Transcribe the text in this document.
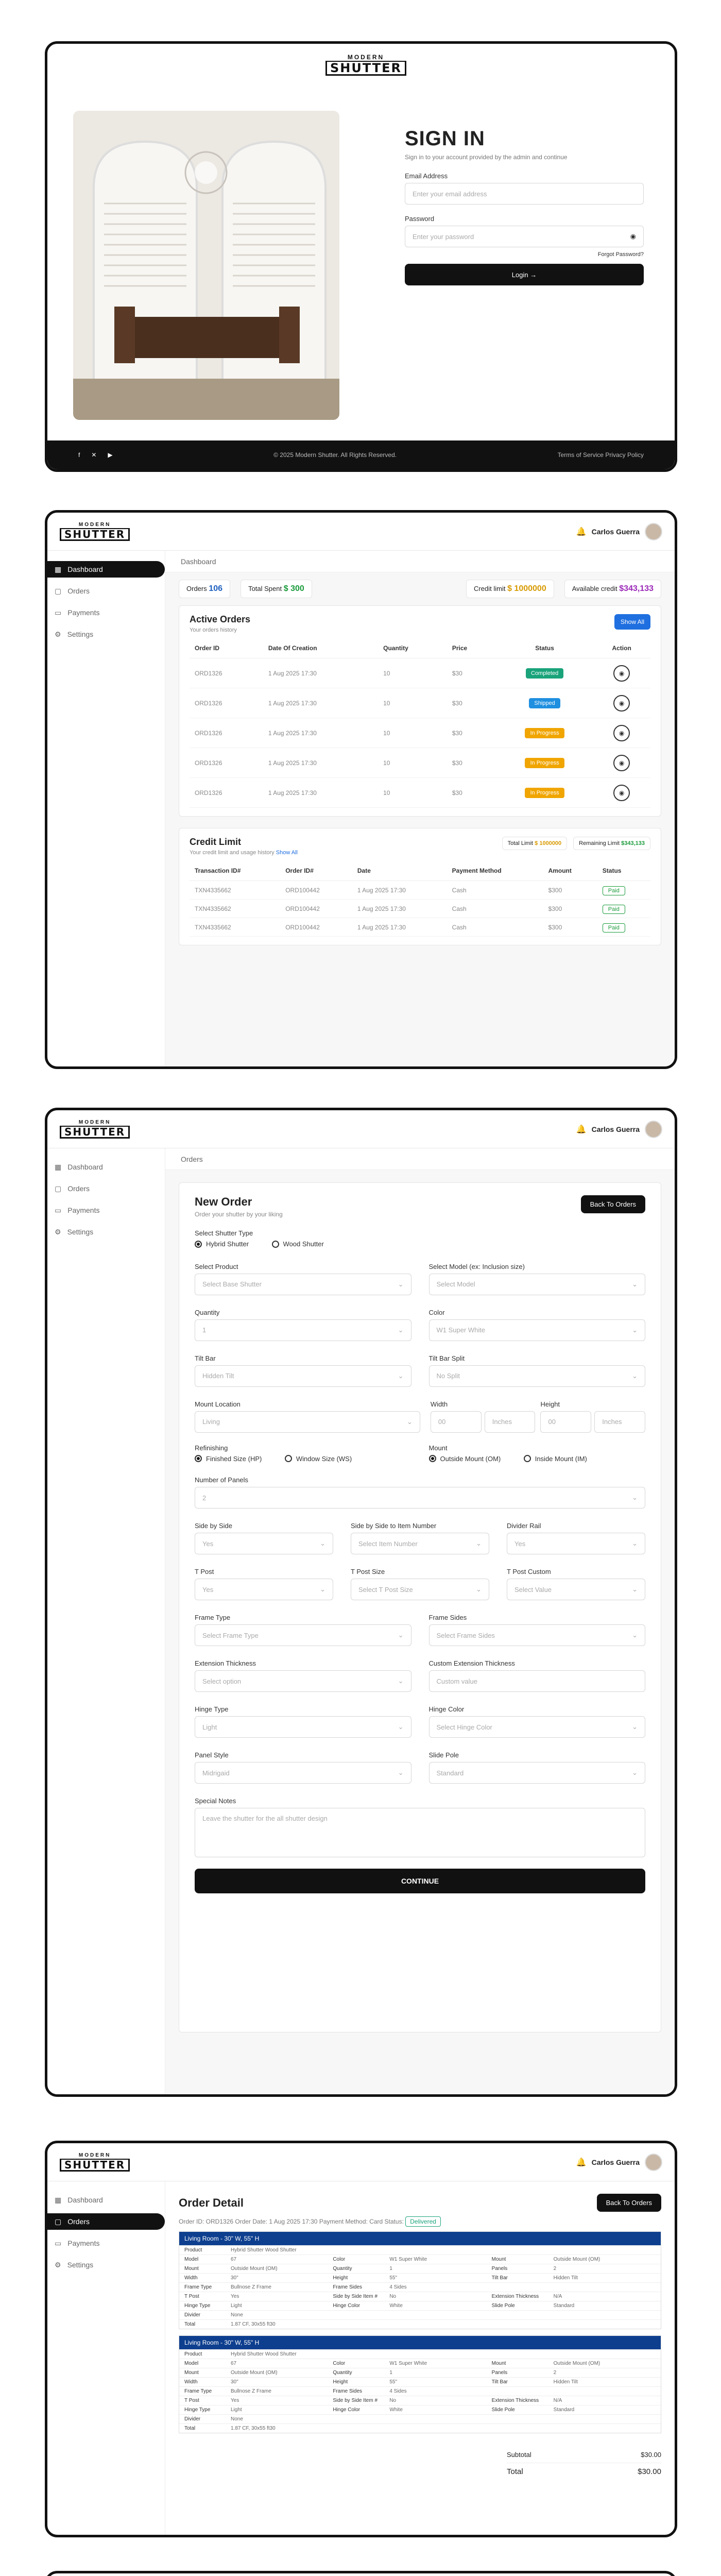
SIGN IN
Sign in to your account provided by the admin and continue
Email Address
Enter your email address
Password
Enter your password	◉
Forgot Password?
Login →
f ✕ ▶	© 2025 Modern Shutter. All Rights Reserved.	Terms of Service Privacy Policy
MODERN
SHUTTER
MODERN
SHUTTER	🔔 Carlos Guerra
▦ Dashboard
▢ Orders
▭ Payments
⚙ Settings
Dashboard
Orders 106	Total Spent $ 300	Credit limit $ 1000000	Available credit $343,133
Active Orders
Your orders history
Show All
Order ID	Date Of Creation	Quantity	Price	Status	Action
ORD1326	1 Aug 2025 17:30	10	$30	Completed	◉
ORD1326	1 Aug 2025 17:30	10	$30	Shipped	◉
ORD1326	1 Aug 2025 17:30	10	$30	In Progress	◉
ORD1326	1 Aug 2025 17:30	10	$30	In Progress	◉
ORD1326	1 Aug 2025 17:30	10	$30	In Progress	◉
Credit Limit
Your credit limit and usage history Show All
Total Limit $ 1000000	Remaining Limit $343,133
Transaction ID#	Order ID#	Date	Payment Method	Amount	Status
TXN4335662	ORD100442	1 Aug 2025 17:30	Cash	$300	Paid
TXN4335662	ORD100442	1 Aug 2025 17:30	Cash	$300	Paid
TXN4335662	ORD100442	1 Aug 2025 17:30	Cash	$300	Paid
MODERN
SHUTTER	🔔 Carlos Guerra
▦ Dashboard
▢ Orders
▭ Payments
⚙ Settings
Orders
New Order
Order your shutter by your liking
Back To Orders
Select Shutter Type
Hybrid Shutter
	Wood Shutter
Select Product
Select Base Shutter	⌄
Select Model (ex: Inclusion size)
Select Model	⌄
Quantity
1	⌄
Color
W1 Super White	⌄
Tilt Bar
Hidden Tilt	⌄
Tilt Bar Split
No Split	⌄
Mount Location
Living	⌄
Width
00	Inches
Height
00	Inches
Refinishing
Finished Size (HP)
	Window Size (WS)
Mount
Outside Mount (OM)
	Inside Mount (IM)
Number of Panels
2	⌄
Side by Side
Yes	⌄
Side by Side to Item Number
Select Item Number	⌄
Divider Rail
Yes	⌄
T Post
Yes	⌄
T Post Size
Select T Post Size	⌄
T Post Custom
Select Value	⌄
Frame Type
Select Frame Type	⌄
Frame Sides
Select Frame Sides	⌄
Extension Thickness
Select option	⌄
Custom Extension Thickness
Custom value
Hinge Type
Light	⌄
Hinge Color
Select Hinge Color	⌄
Panel Style
Midrigaid	⌄
Slide Pole
Standard	⌄
Special Notes
Leave the shutter for the all shutter design
CONTINUE
MODERN
SHUTTER	🔔 Carlos Guerra
▦ Dashboard
▢ Orders
▭ Payments
⚙ Settings
Order Detail	Back To Orders
Order ID: ORD1326 Order Date: 1 Aug 2025 17:30 Payment Method: Card Status: Delivered
Living Room - 30" W, 55" H
Product	Hybrid Shutter Wood Shutter
Model	67	Color	W1 Super White	Mount	Outside Mount (OM)
Mount	Outside Mount (OM)	Quantity	1	Panels	2
Width	30"	Height	55"	Tilt Bar	Hidden Tilt
Frame Type	Bullnose Z Frame	Frame Sides	4 Sides
T Post	Yes	Side by Side Item #	No	Extension Thickness	N/A
Hinge Type	Light	Hinge Color	White	Slide Pole	Standard
Divider	None
Total	1.87 CF, 30x55 ft30
Living Room - 30" W, 55" H
Product	Hybrid Shutter Wood Shutter
Model	67	Color	W1 Super White	Mount	Outside Mount (OM)
Mount	Outside Mount (OM)	Quantity	1	Panels	2
Width	30"	Height	55"	Tilt Bar	Hidden Tilt
Frame Type	Bullnose Z Frame	Frame Sides	4 Sides
T Post	Yes	Side by Side Item #	No	Extension Thickness	N/A
Hinge Type	Light	Hinge Color	White	Slide Pole	Standard
Divider	None
Total	1.87 CF, 30x55 ft30
Subtotal	$30.00
Total	$30.00
